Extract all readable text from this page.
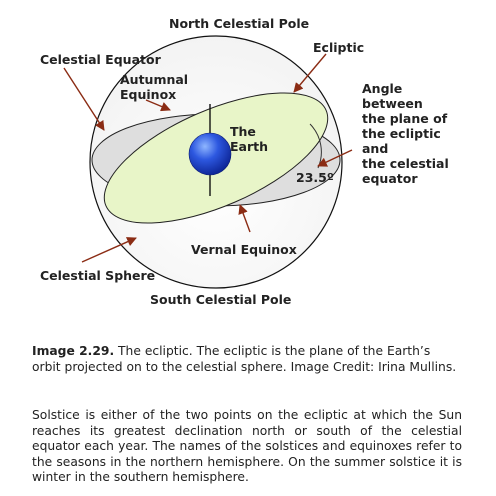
North Celestial Pole
Ecliptic
Celestial Equator
Autumnal
Equinox	Angle
between
the plane of
the ecliptic
and
the celestial
equator
The
Earth
23.5º
Vernal Equinox
Celestial Sphere
South Celestial Pole
Image 2.29. The ecliptic. The ecliptic is the plane of the Earth’s orbit projected on to the celestial sphere. Image Credit: Irina Mullins.
Solstice is either of the two points on the ecliptic at which the Sun reaches its greatest declination north or south of the celestial equator each year. The names of the solstices and equinoxes refer to the seasons in the northern hemisphere. On the summer solstice it is winter in the southern hemisphere.
